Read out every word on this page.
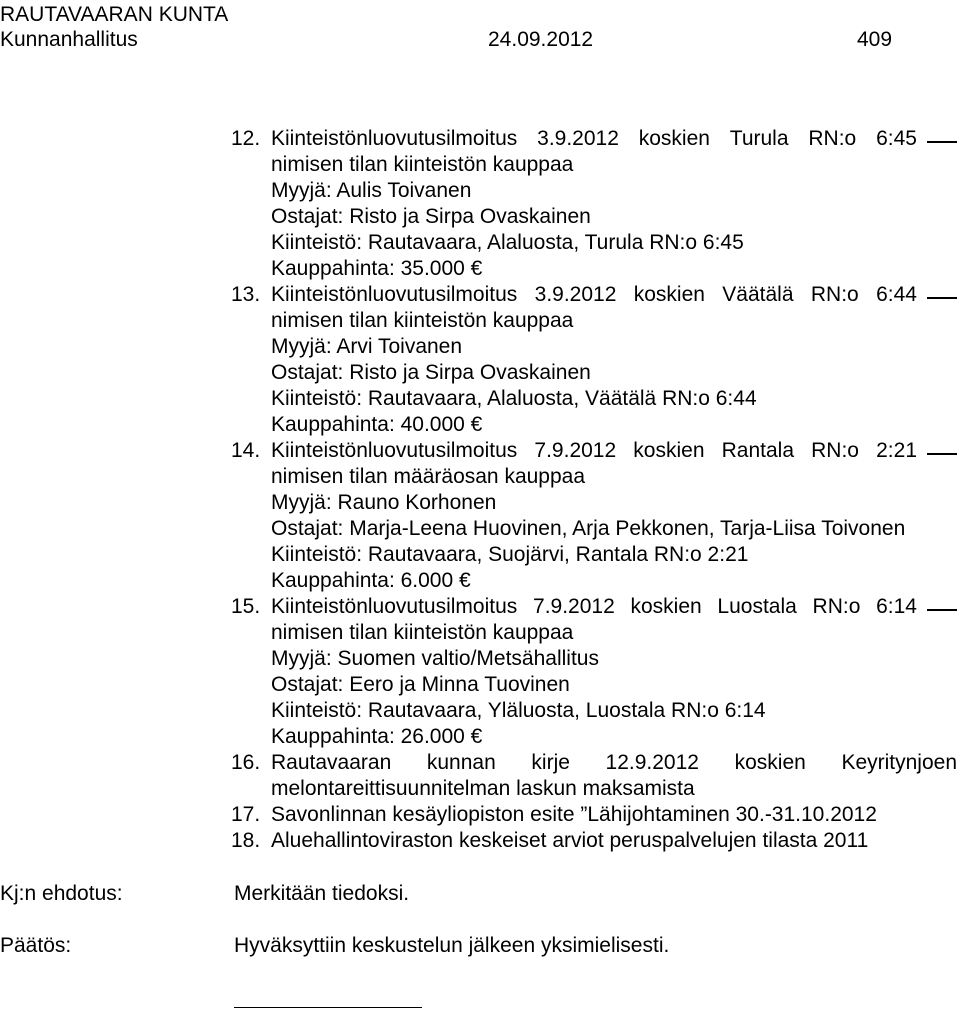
RAUTAVAARAN KUNTA
Kunnanhallitus	24.09.2012	409
12. Kiinteistönluovutusilmoitus 3.9.2012 koskien Turula RN:o 6:45
nimisen tilan kiinteistön kauppaa
Myyjä: Aulis Toivanen
Ostajat: Risto ja Sirpa Ovaskainen
Kiinteistö: Rautavaara, Alaluosta, Turula RN:o 6:45
Kauppahinta: 35.000 €
13. Kiinteistönluovutusilmoitus 3.9.2012 koskien Väätälä RN:o 6:44
nimisen tilan kiinteistön kauppaa
Myyjä: Arvi Toivanen
Ostajat: Risto ja Sirpa Ovaskainen
Kiinteistö: Rautavaara, Alaluosta, Väätälä RN:o 6:44
Kauppahinta: 40.000 €
14. Kiinteistönluovutusilmoitus 7.9.2012 koskien Rantala RN:o 2:21
nimisen tilan määräosan kauppaa
Myyjä: Rauno Korhonen
Ostajat: Marja-Leena Huovinen, Arja Pekkonen, Tarja-Liisa Toivonen
Kiinteistö: Rautavaara, Suojärvi, Rantala RN:o 2:21
Kauppahinta: 6.000 €
15. Kiinteistönluovutusilmoitus 7.9.2012 koskien Luostala RN:o 6:14
nimisen tilan kiinteistön kauppaa
Myyjä: Suomen valtio/Metsähallitus
Ostajat: Eero ja Minna Tuovinen
Kiinteistö: Rautavaara, Yläluosta, Luostala RN:o 6:14
Kauppahinta: 26.000 €
16. Rautavaaran kunnan kirje 12.9.2012 koskien Keyritynjoen
melontareittisuunnitelman laskun maksamista
17. Savonlinnan kesäyliopiston esite ”Lähijohtaminen 30.-31.10.2012
18. Aluehallintoviraston keskeiset arviot peruspalvelujen tilasta 2011
Kj:n ehdotus:	Merkitään tiedoksi.
Päätös:	Hyväksyttiin keskustelun jälkeen yksimielisesti.
